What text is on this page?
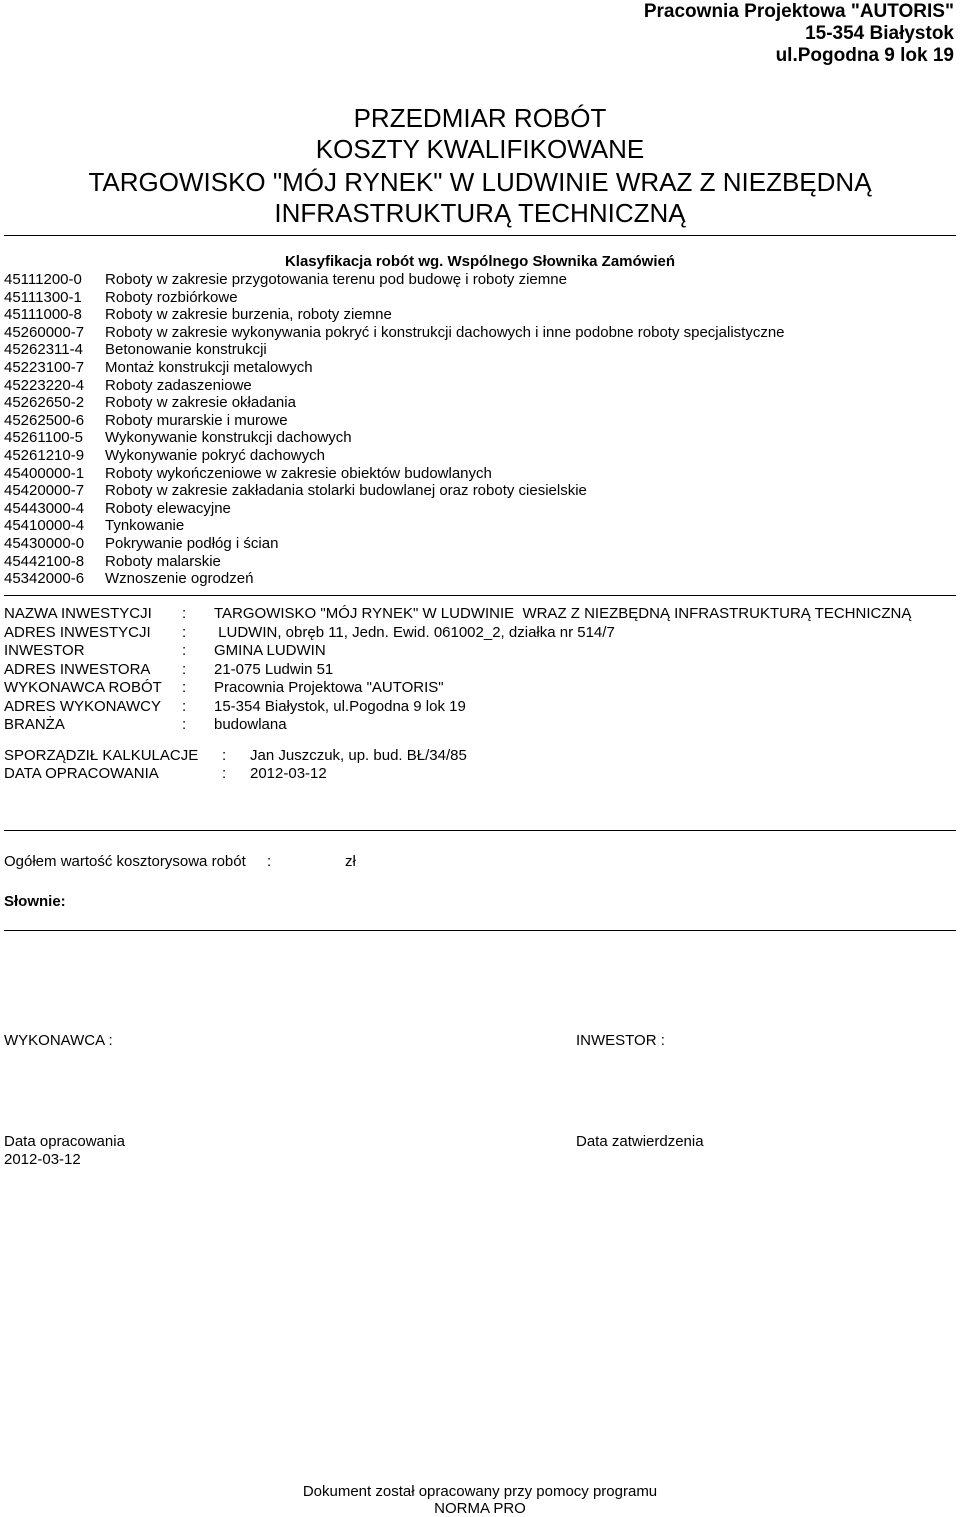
Pracownia Projektowa "AUTORIS"
15-354 Białystok
ul.Pogodna 9 lok 19
PRZEDMIAR ROBÓT
KOSZTY KWALIFIKOWANE
TARGOWISKO "MÓJ RYNEK" W LUDWINIE WRAZ Z NIEZBĘDNĄ
INFRASTRUKTURĄ TECHNICZNĄ
Klasyfikacja robót wg. Wspólnego Słownika Zamówień
45111200-0 Roboty w zakresie przygotowania terenu pod budowę i roboty ziemne
45111300-1 Roboty rozbiórkowe
45111000-8 Roboty w zakresie burzenia, roboty ziemne
45260000-7 Roboty w zakresie wykonywania pokryć i konstrukcji dachowych i inne podobne roboty specjalistyczne
45262311-4 Betonowanie konstrukcji
45223100-7 Montaż konstrukcji metalowych
45223220-4 Roboty zadaszeniowe
45262650-2 Roboty w zakresie okładania
45262500-6 Roboty murarskie i murowe
45261100-5 Wykonywanie konstrukcji dachowych
45261210-9 Wykonywanie pokryć dachowych
45400000-1 Roboty wykończeniowe w zakresie obiektów budowlanych
45420000-7 Roboty w zakresie zakładania stolarki budowlanej oraz roboty ciesielskie
45443000-4 Roboty elewacyjne
45410000-4 Tynkowanie
45430000-0 Pokrywanie podłóg i ścian
45442100-8 Roboty malarskie
45342000-6 Wznoszenie ogrodzeń
NAZWA INWESTYCJI : TARGOWISKO "MÓJ RYNEK" W LUDWINIE  WRAZ Z NIEZBĘDNĄ INFRASTRUKTURĄ TECHNICZNĄ
ADRES INWESTYCJI : LUDWIN, obręb 11, Jedn. Ewid. 061002_2, działka nr 514/7
INWESTOR	: GMINA LUDWIN
ADRES INWESTORA : 21-075 Ludwin 51
WYKONAWCA ROBÓT : Pracownia Projektowa "AUTORIS"
ADRES WYKONAWCY : 15-354 Białystok, ul.Pogodna 9 lok 19
BRANŻA	: budowlana
SPORZĄDZIŁ KALKULACJE : Jan Juszczuk, up. bud. BŁ/34/85
DATA OPRACOWANIA	: 2012-03-12
Ogółem wartość kosztorysowa robót :	zł
Słownie:
WYKONAWCA :	INWESTOR :
Data opracowania
2012-03-12
Data zatwierdzenia
Dokument został opracowany przy pomocy programu
NORMA PRO
